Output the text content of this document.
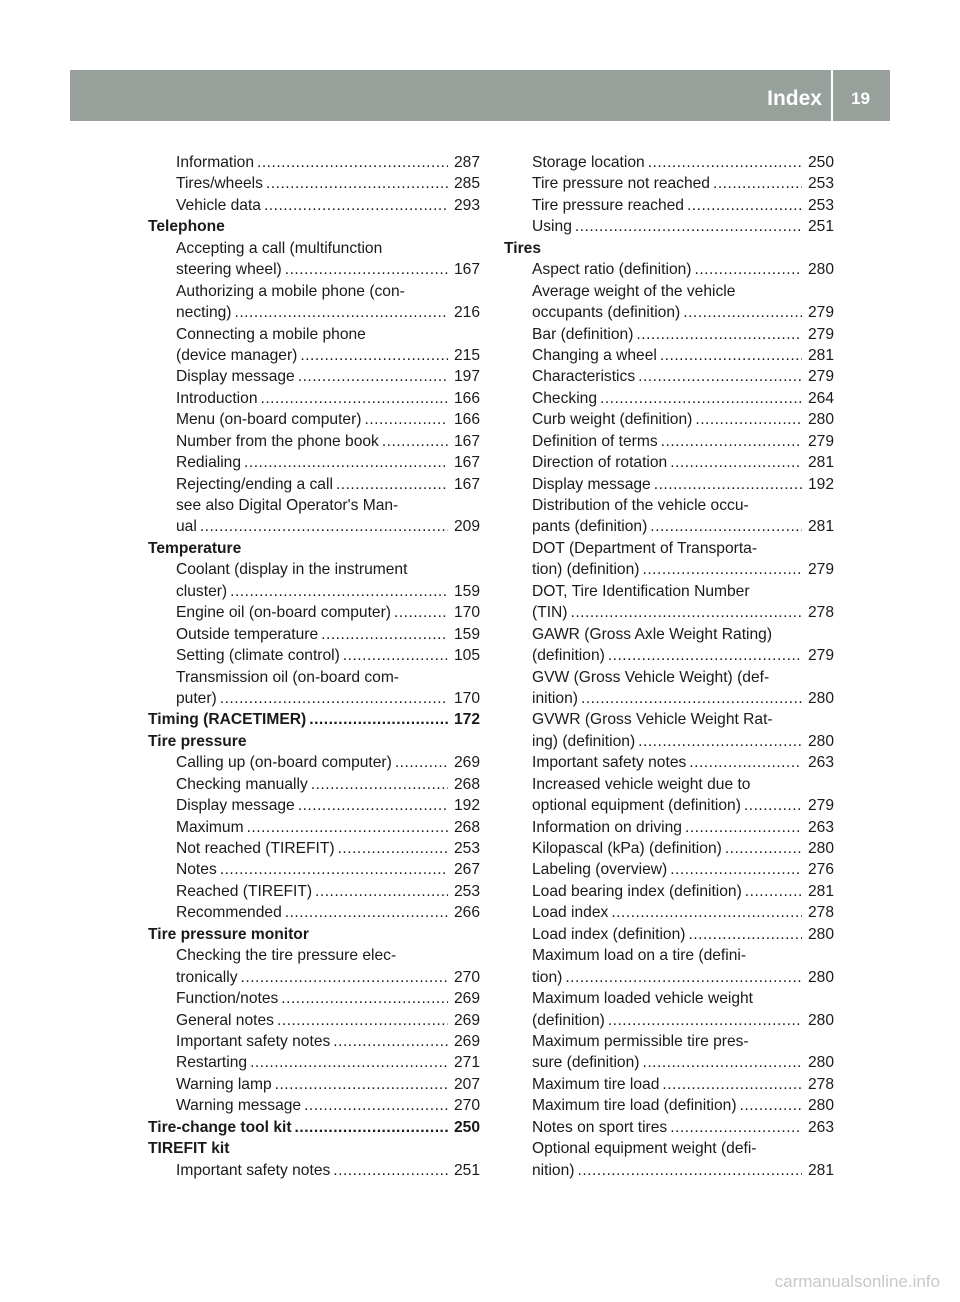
Index 19
Information .....	287
Tires/wheels .....	285
Vehicle data .....	293
Telephone
Accepting a call (multifunction
steering wheel) .....	167
Authorizing a mobile phone (con-
necting) .....	216
Connecting a mobile phone
(device manager) .....	215
Display message .....	197
Introduction .....	166
Menu (on-board computer) .....	166
Number from the phone book .....	167
Redialing .....	167
Rejecting/ending a call .....	167
see also Digital Operator's Man-
ual .....	209
Temperature
Coolant (display in the instrument
cluster) .....	159
Engine oil (on-board computer) .....	170
Outside temperature .....	159
Setting (climate control) .....	105
Transmission oil (on-board com-
puter) .....	170
Timing (RACETIMER) .....	172
Tire pressure
Calling up (on-board computer) .....	269
Checking manually .....	268
Display message .....	192
Maximum .....	268
Not reached (TIREFIT) .....	253
Notes .....	267
Reached (TIREFIT) .....	253
Recommended .....	266
Tire pressure monitor
Checking the tire pressure elec-
tronically .....	270
Function/notes .....	269
General notes .....	269
Important safety notes .....	269
Restarting .....	271
Warning lamp .....	207
Warning message .....	270
Tire-change tool kit .....	250
TIREFIT kit
Important safety notes .....	251
Storage location .....	250
Tire pressure not reached .....	253
Tire pressure reached .....	253
Using .....	251
Tires
Aspect ratio (definition) .....	280
Average weight of the vehicle
occupants (definition) .....	279
Bar (definition) .....	279
Changing a wheel .....	281
Characteristics .....	279
Checking .....	264
Curb weight (definition) .....	280
Definition of terms .....	279
Direction of rotation .....	281
Display message .....	192
Distribution of the vehicle occu-
pants (definition) .....	281
DOT (Department of Transporta-
tion) (definition) .....	279
DOT, Tire Identification Number
(TIN) .....	278
GAWR (Gross Axle Weight Rating)
(definition) .....	279
GVW (Gross Vehicle Weight) (def-
inition) .....	280
GVWR (Gross Vehicle Weight Rat-
ing) (definition) .....	280
Important safety notes .....	263
Increased vehicle weight due to
optional equipment (definition) .....	279
Information on driving .....	263
Kilopascal (kPa) (definition) .....	280
Labeling (overview) .....	276
Load bearing index (definition) .....	281
Load index .....	278
Load index (definition) .....	280
Maximum load on a tire (defini-
tion) .....	280
Maximum loaded vehicle weight
(definition) .....	280
Maximum permissible tire pres-
sure (definition) .....	280
Maximum tire load .....	278
Maximum tire load (definition) .....	280
Notes on sport tires .....	263
Optional equipment weight (defi-
nition) .....	281
carmanualsonline.info
